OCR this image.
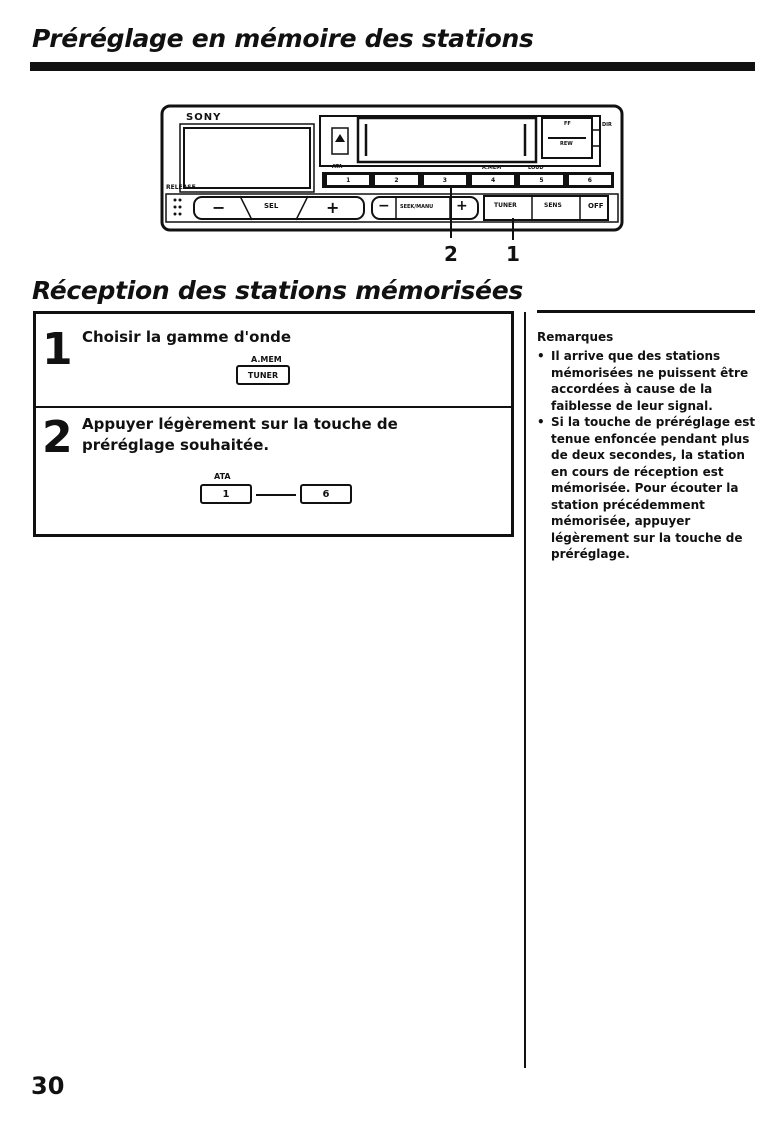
Préréglage en mémoire des stations
SONY
RELEASE
ATA	A.MEM	LOUD
FF
REW
DIR
1	2	3	4	5	6
−	SEL	+	− SEEK/MANU +	TUNER	SENS	OFF
2 1
Réception des stations mémorisées
1 Choisir la gamme d'onde
A.MEM
TUNER
2 Appuyer légèrement sur la touche de préréglage souhaitée.
ATA
1	6
Remarques
• Il arrive que des stations mémorisées ne puissent être accordées à cause de la faiblesse de leur signal.
• Si la touche de préréglage est tenue enfoncée pendant plus de deux secondes, la station en cours de réception est mémorisée. Pour écouter la station précédemment mémorisée, appuyer légèrement sur la touche de préréglage.
30
